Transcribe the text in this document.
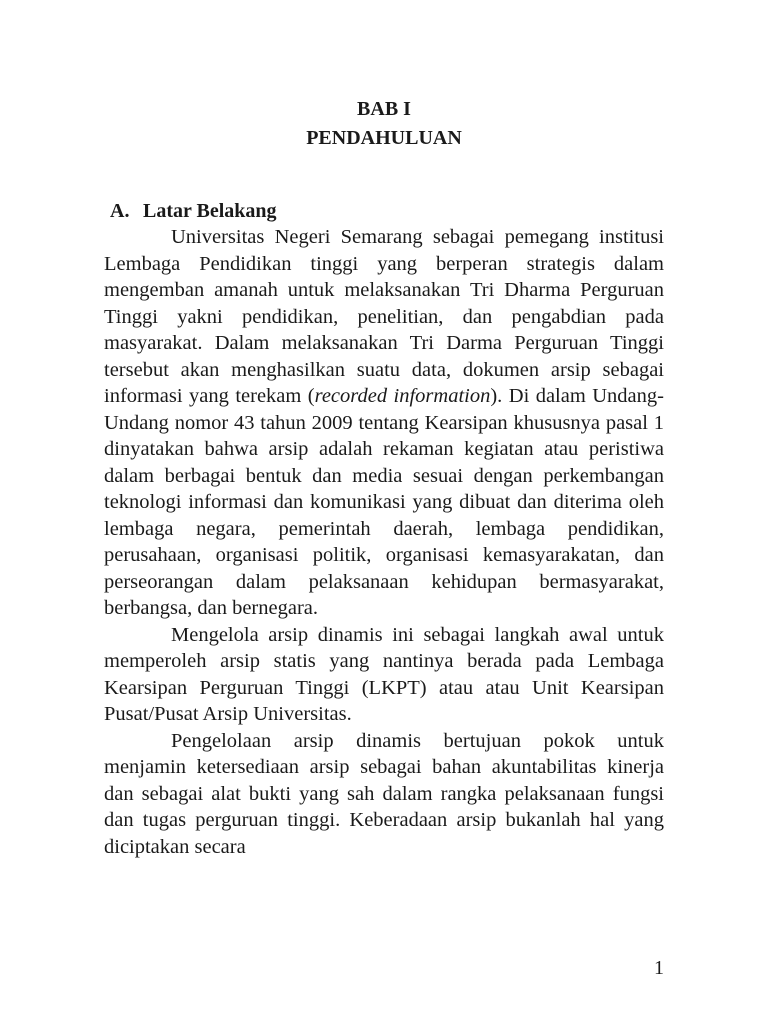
BAB I
PENDAHULUAN
A. Latar Belakang

Universitas Negeri Semarang sebagai pemegang institusi Lembaga Pendidikan tinggi yang berperan strategis dalam mengemban amanah untuk melaksanakan Tri Dharma Perguruan Tinggi yakni pendidikan, penelitian, dan pengabdian pada masyarakat. Dalam melaksanakan Tri Darma Perguruan Tinggi tersebut akan menghasilkan suatu data, dokumen arsip sebagai informasi yang terekam (recorded information). Di dalam Undang-Undang nomor 43 tahun 2009 tentang Kearsipan khususnya pasal 1 dinyatakan bahwa arsip adalah rekaman kegiatan atau peristiwa dalam berbagai bentuk dan media sesuai dengan perkembangan teknologi informasi dan komunikasi yang dibuat dan diterima oleh lembaga negara, pemerintah daerah, lembaga pendidikan, perusahaan, organisasi politik, organisasi kemasyarakatan, dan perseorangan dalam pelaksanaan kehidupan bermasyarakat, berbangsa, dan bernegara.

Mengelola arsip dinamis ini sebagai langkah awal untuk memperoleh arsip statis yang nantinya berada pada Lembaga Kearsipan Perguruan Tinggi (LKPT) atau atau Unit Kearsipan Pusat/Pusat Arsip Universitas.

Pengelolaan arsip dinamis bertujuan pokok untuk menjamin ketersediaan arsip sebagai bahan akuntabilitas kinerja dan sebagai alat bukti yang sah dalam rangka pelaksanaan fungsi dan tugas perguruan tinggi. Keberadaan arsip bukanlah hal yang diciptakan secara

1
